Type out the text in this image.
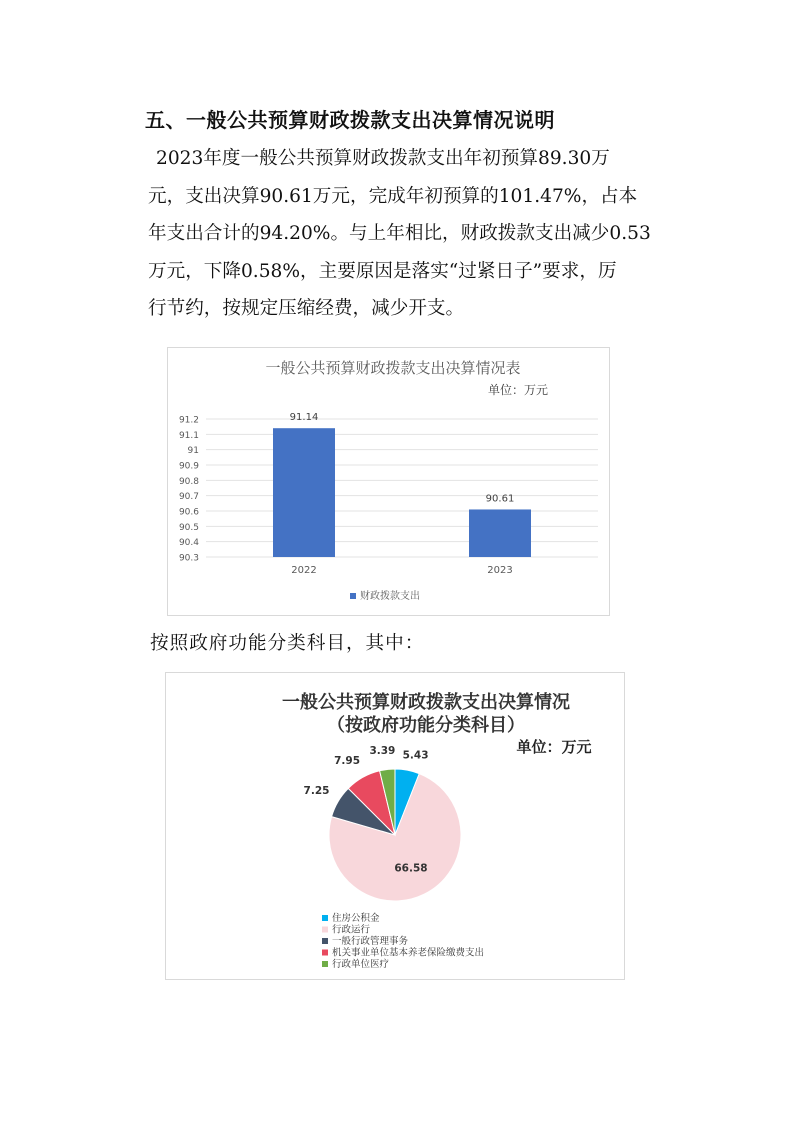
五、一般公共预算财政拨款支出决算情况说明
2023年度一般公共预算财政拨款支出年初预算89.30万
元，支出决算90.61万元，完成年初预算的101.47%，占本
年支出合计的94.20%。与上年相比，财政拨款支出减少0.53
万元，下降0.58%，主要原因是落实“过紧日子”要求，厉
行节约，按规定压缩经费，减少开支。
一般公共预算财政拨款支出决算情况表
单位：万元
90.3
90.4
90.5
90.6
90.7
90.8
90.9
91
91.1
91.2
2022	2023
91.14
90.61
财政拨款支出
按照政府功能分类科目，其中：
一般公共预算财政拨款支出决算情况
（按政府功能分类科目）
单位：万元
5.43
66.58
7.25
7.95
3.39
住房公积金
行政运行
一般行政管理事务
机关事业单位基本养老保险缴费支出
行政单位医疗
